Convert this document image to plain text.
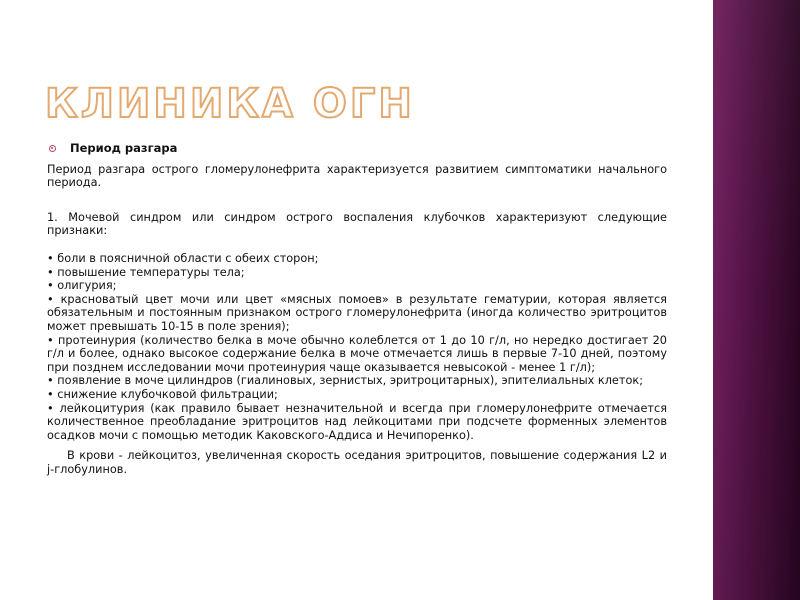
КЛИНИКА ОГН
Период разгара

Период разгара острого гломерулонефрита характеризуется развитием симптоматики начального периода.

1. Мочевой синдром или синдром острого воспаления клубочков характеризуют следующие признаки:

• боли в поясничной области с обеих сторон;
• повышение температуры тела;
• олигурия;
• красноватый цвет мочи или цвет «мясных помоев» в результате гематурии, которая является обязательным и постоянным признаком острого гломерулонефрита (иногда количество эритроцитов может превышать 10-15 в поле зрения);
• протеинурия (количество белка в моче обычно колеблется от 1 до 10 г/л, но нередко достигает 20 г/л и более, однако высокое содержание белка в моче отмечается лишь в первые 7-10 дней, поэтому при позднем исследовании мочи протеинурия чаще оказывается невысокой - менее 1 г/л);
• появление в моче цилиндров (гиалиновых, зернистых, эритроцитарных), эпителиальных клеток;
• снижение клубочковой фильтрации;
• лейкоцитурия (как правило бывает незначительной и всегда при гломерулонефрите отмечается количественное преобладание эритроцитов над лейкоцитами при подсчете форменных элементов осадков мочи с помощью методик Каковского-Аддиса и Нечипоренко).

В крови - лейкоцитоз, увеличенная скорость оседания эритроцитов, повышение содержания L2 и j-глобулинов.
